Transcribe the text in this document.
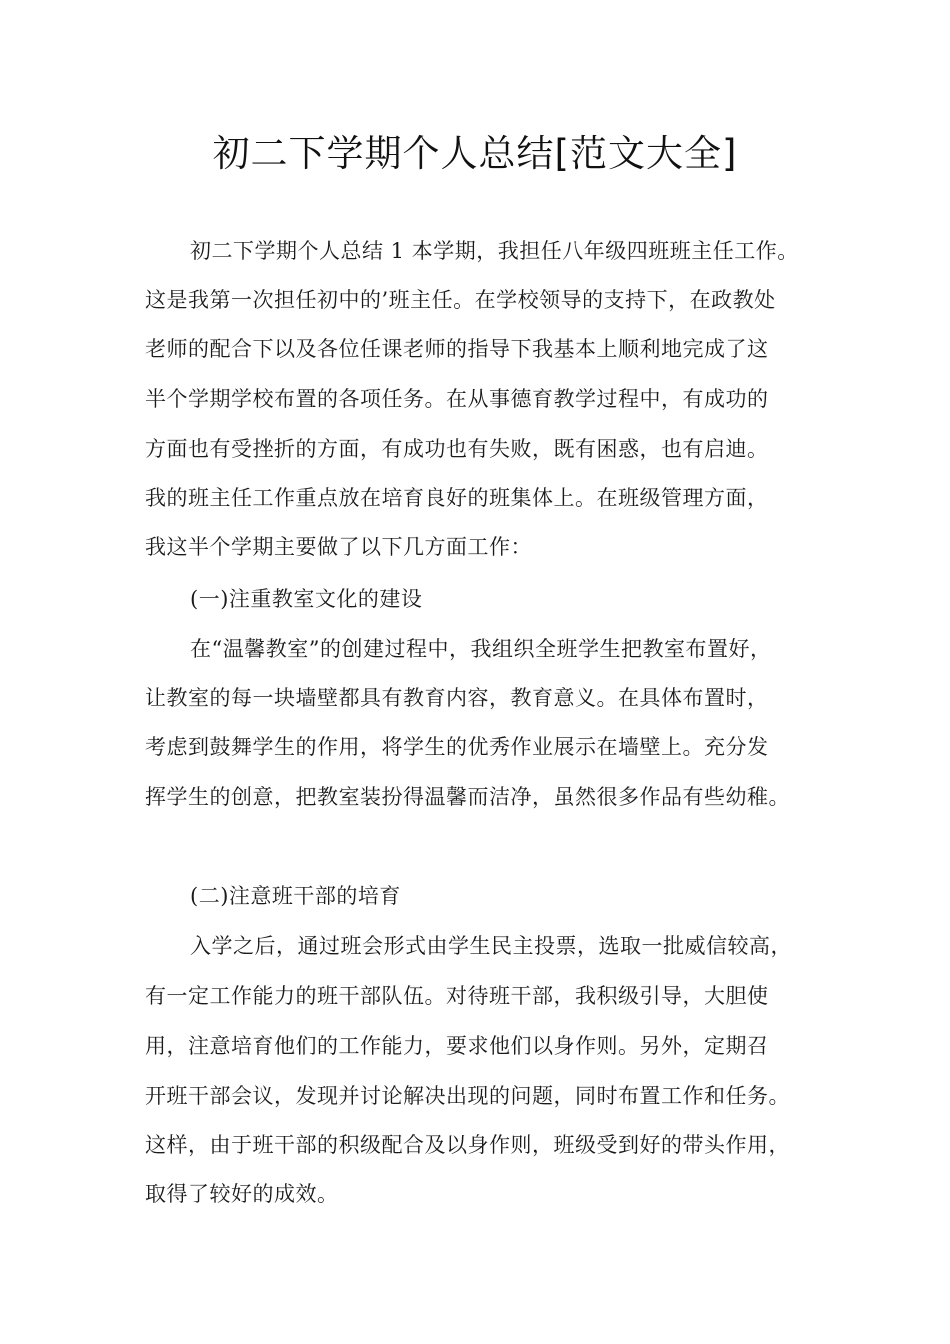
初二下学期个人总结[范文大全]
初二下学期个人总结 1 本学期，我担任八年级四班班主任工作。
这是我第一次担任初中的’班主任。在学校领导的支持下，在政教处
老师的配合下以及各位任课老师的指导下我基本上顺利地完成了这
半个学期学校布置的各项任务。在从事德育教学过程中，有成功的
方面也有受挫折的方面，有成功也有失败，既有困惑，也有启迪。
我的班主任工作重点放在培育良好的班集体上。在班级管理方面，
我这半个学期主要做了以下几方面工作：
(一)注重教室文化的建设
在“温馨教室”的创建过程中，我组织全班学生把教室布置好，
让教室的每一块墙壁都具有教育内容，教育意义。在具体布置时，
考虑到鼓舞学生的作用，将学生的优秀作业展示在墙壁上。充分发
挥学生的创意，把教室装扮得温馨而洁净，虽然很多作品有些幼稚。
(二)注意班干部的培育
入学之后，通过班会形式由学生民主投票，选取一批威信较高，
有一定工作能力的班干部队伍。对待班干部，我积级引导，大胆使
用，注意培育他们的工作能力，要求他们以身作则。另外，定期召
开班干部会议，发现并讨论解决出现的问题，同时布置工作和任务。
这样，由于班干部的积级配合及以身作则，班级受到好的带头作用，
取得了较好的成效。
